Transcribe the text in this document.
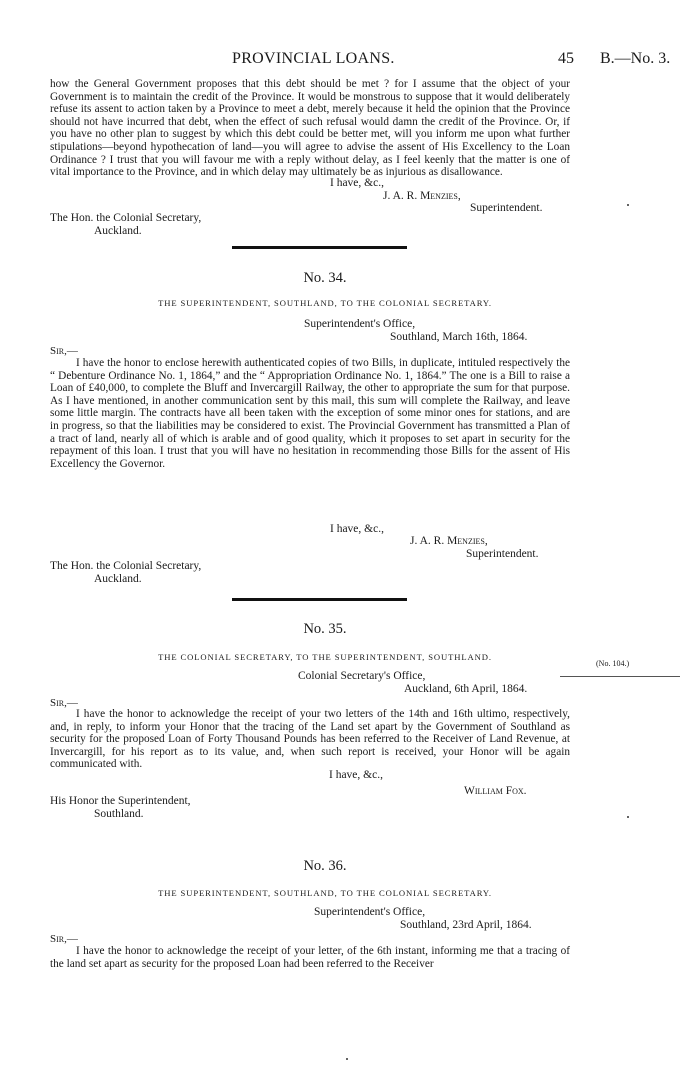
PROVINCIAL LOANS.	45 B.—No. 3.
how the General Government proposes that this debt should be met ? for I assume that the object of your Government is to maintain the credit of the Province. It would be monstrous to suppose that it would deliberately refuse its assent to action taken by a Province to meet a debt, merely because it held the opinion that the Province should not have incurred that debt, when the effect of such refusal would damn the credit of the Province. Or, if you have no other plan to suggest by which this debt could be better met, will you inform me upon what further stipulations—beyond hypothecation of land—you will agree to advise the assent of His Excellency to the Loan Ordinance ? I trust that you will favour me with a reply without delay, as I feel keenly that the matter is one of vital importance to the Province, and in which delay may ultimately be as injurious as disallowance.
I have, &c.,
J. A. R. Menzies,
Superintendent.
The Hon. the Colonial Secretary,
Auckland.
No. 34.
THE SUPERINTENDENT, SOUTHLAND, TO THE COLONIAL SECRETARY.
Superintendent's Office,
Southland, March 16th, 1864.
Sir,—
I have the honor to enclose herewith authenticated copies of two Bills, in duplicate, intituled respectively the “ Debenture Ordinance No. 1, 1864,” and the “ Appropriation Ordinance No. 1, 1864.” The one is a Bill to raise a Loan of £40,000, to complete the Bluff and Invercargill Railway, the other to appropriate the sum for that purpose. As I have mentioned, in another communication sent by this mail, this sum will complete the Railway, and leave some little margin. The contracts have all been taken with the exception of some minor ones for stations, and are in progress, so that the liabilities may be considered to exist. The Provincial Government has transmitted a Plan of a tract of land, nearly all of which is arable and of good quality, which it proposes to set apart in security for the repayment of this loan. I trust that you will have no hesitation in recommending those Bills for the assent of His Excellency the Governor.
I have, &c.,
J. A. R. Menzies,
Superintendent.
The Hon. the Colonial Secretary,
Auckland.
No. 35.
THE COLONIAL SECRETARY, TO THE SUPERINTENDENT, SOUTHLAND.
Colonial Secretary's Office,
Auckland, 6th April, 1864.
(No. 104.)
Sir,—
I have the honor to acknowledge the receipt of your two letters of the 14th and 16th ultimo, respectively, and, in reply, to inform your Honor that the tracing of the Land set apart by the Government of Southland as security for the proposed Loan of Forty Thousand Pounds has been referred to the Receiver of Land Revenue, at Invercargill, for his report as to its value, and, when such report is received, your Honor will be again communicated with.
I have, &c.,
William Fox.
His Honor the Superintendent,
Southland.
No. 36.
THE SUPERINTENDENT, SOUTHLAND, TO THE COLONIAL SECRETARY.
Superintendent's Office,
Southland, 23rd April, 1864.
Sir,—
I have the honor to acknowledge the receipt of your letter, of the 6th instant, informing me that a tracing of the land set apart as security for the proposed Loan had been referred to the Receiver
